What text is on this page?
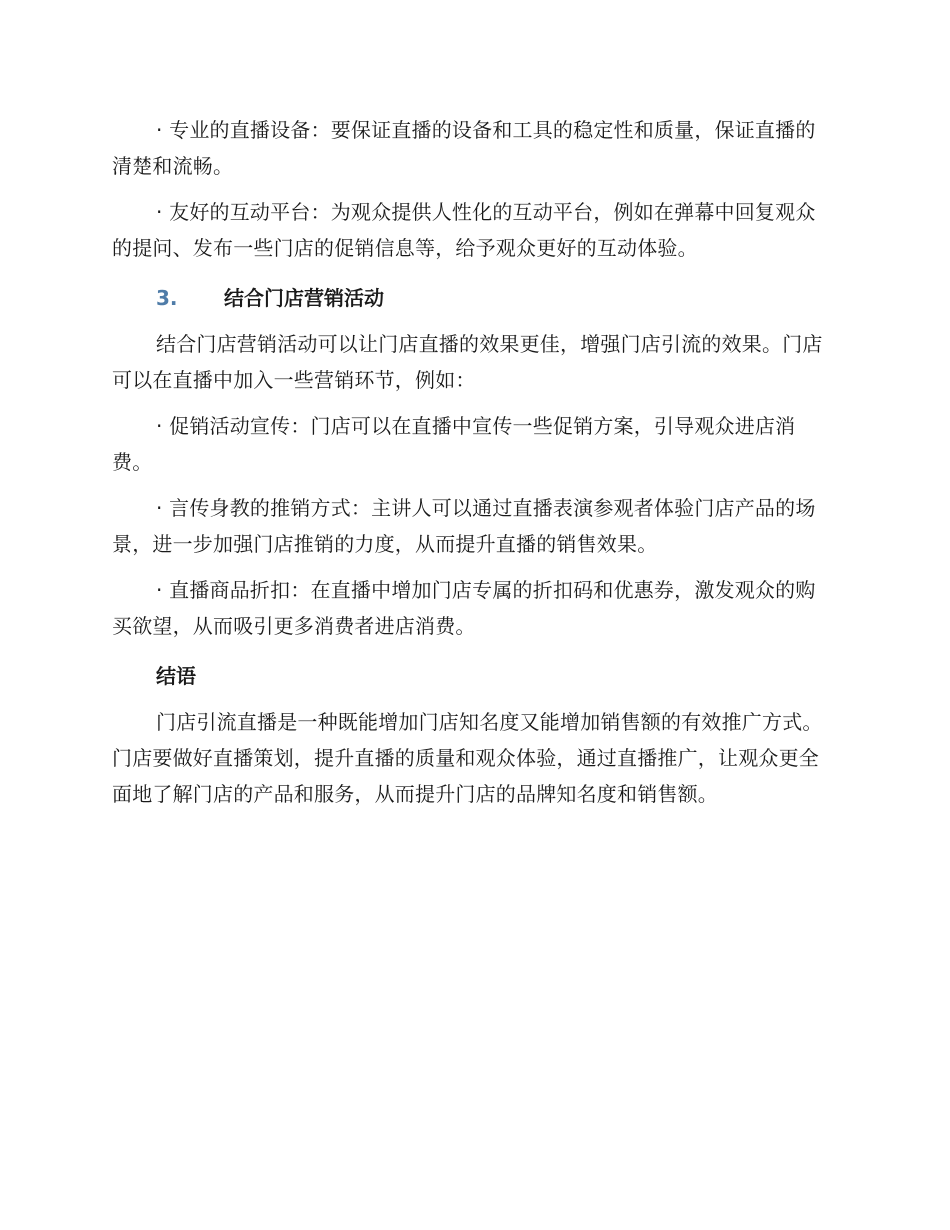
· 专业的直播设备：要保证直播的设备和工具的稳定性和质量，保证直播的清楚和流畅。

· 友好的互动平台：为观众提供人性化的互动平台，例如在弹幕中回复观众的提问、发布一些门店的促销信息等，给予观众更好的互动体验。

3.	结合门店营销活动

结合门店营销活动可以让门店直播的效果更佳，增强门店引流的效果。门店可以在直播中加入一些营销环节，例如：

· 促销活动宣传：门店可以在直播中宣传一些促销方案，引导观众进店消费。

· 言传身教的推销方式：主讲人可以通过直播表演参观者体验门店产品的场景，进一步加强门店推销的力度，从而提升直播的销售效果。

· 直播商品折扣：在直播中增加门店专属的折扣码和优惠券，激发观众的购买欲望，从而吸引更多消费者进店消费。

结语

门店引流直播是一种既能增加门店知名度又能增加销售额的有效推广方式。门店要做好直播策划，提升直播的质量和观众体验，通过直播推广，让观众更全面地了解门店的产品和服务，从而提升门店的品牌知名度和销售额。
